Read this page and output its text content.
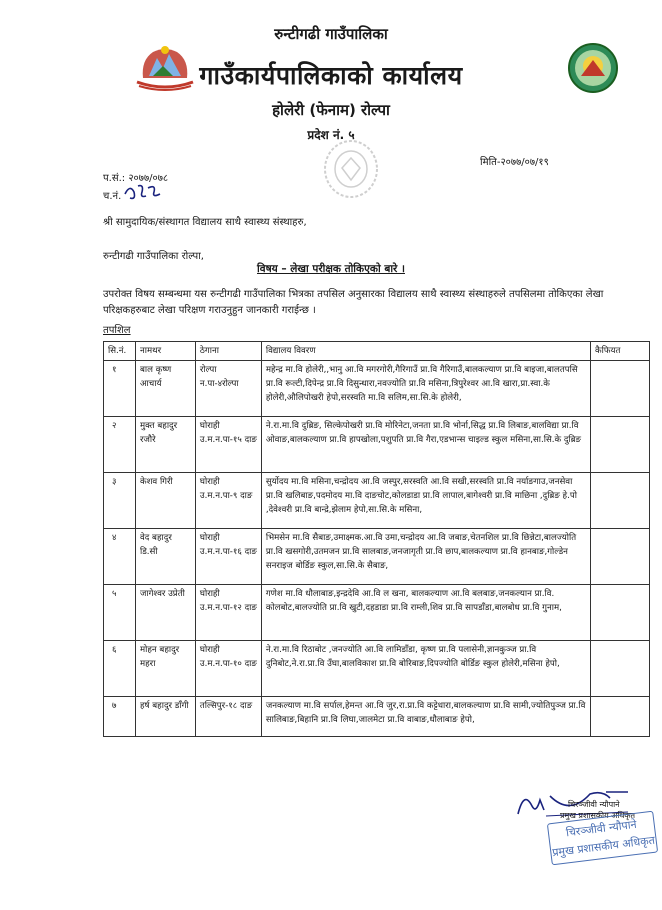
रुन्टीगढी गाउँपालिका
गाउँकार्यपालिकाको कार्यालय
होलेरी (फेनाम) रोल्पा
प्रदेश नं. ५
प.सं.: २०७७/०७८
च.नं.
मिति-२०७७/०७/१९
श्री सामुदायिक/संस्थागत विद्यालय साथै स्वास्थ्य संस्थाहरु,
रुन्टीगढी गाउँपालिका रोल्पा,
विषय – लेखा परीक्षक तोकिएको बारे ।
उपरोक्त विषय सम्बन्धमा यस रुन्टीगढी गाउँपालिका भित्रका तपसिल अनुसारका विद्यालय साथै स्वास्थ्य संस्थाहरुले तपसिलमा तोकिएका लेखा परिक्षकहरुबाट लेखा परिक्षण गराउनुहुन जानकारी गराईन्छ ।
तपशिल
सि.नं.	नामथर	ठेगाना	विद्यालय विवरण	कैफियत
१	बाल कृष्ण आचार्य	रोल्पा न.पा-४रोल्पा	महेन्द्र मा.वि होलेरी,,भानु आ.वि मगरगोरी,गैरिगाउँ प्रा.वि गैरिगाउँ,बालकल्याण प्रा.वि बाइजा,बालतपसि प्रा.वि रूल्टी,दिपेन्द्र प्रा.वि दिसुन्धारा,नवज्योति प्रा.वि मसिना,त्रिपुरेश्वर आ.वि खारा,प्रा.स्वा.के होलेरी,औलिपोखरी हेपो,सरस्वति मा.वि सलिम,सा.सि.के होलेरी,	
२	मुक्त बहादुर रजौरे	घोराही उ.म.न.पा-१५ दाङ	ने.रा.मा.वि दुब्रिङ, सिल्केपोखरी प्रा.वि मोरिनेटा,जनता प्रा.वि भोर्ना,सिद्ध प्रा.वि लिबाङ,बालविद्या प्रा.वि ओवाङ,बालकल्याण प्रा.वि हापखोला,पशुपति प्रा.वि गैरा,एडभान्स चाइल्ड स्कुल मसिना,सा.सि.के दुब्रिङ	
३	केशव गिरी	घोराही उ.म.न.पा-९ दाङ	सुर्योदय मा.वि मसिना,चन्द्रोदय आ.वि जस्पुर,सरस्वति आ.वि सखी,सरस्वति प्रा.वि नर्याङगाउ,जनसेवा प्रा.वि खलिबाङ,पदमोदय मा.वि दाङचोट,कोलडाडा प्रा.वि लापाल,बागेश्वरी प्रा.वि माछिना ,दुब्रिङ हे.पो ,देवेश्वरी प्रा.वि बान्द्रे,झेलाम हेपो,सा.सि.के मसिना,	
४	वेद बहादुर डि.सी	घोराही उ.म.न.पा-१६ दाङ	भिमसेन मा.वि सैबाङ,उमाक्ष्मक.आ.वि उमा,चन्द्रोदय आ.वि जबाङ,चेतनशिल प्रा.वि छिन्नेटा,बालज्योति प्रा.वि खसगोरी,उतमजन प्रा.वि सालबाङ,जनजागृती प्रा.वि छाप,बालकल्याण प्रा.वि हानबाङ,गोल्डेन सनराइज बोर्डिङ स्कुल,सा.सि.के सैबाङ,	
५	जागेश्वर उप्रेती	घोराही उ.म.न.पा-१२ दाङ	गणेश मा.वि धौलाबाङ,इन्द्रदेवि आ.वि ल खना, बालकल्याण आ.वि बलबाङ,जनकल्यान प्रा.वि. कोलबोट,बालज्योति प्रा.वि खुटी,दहडाडा प्रा.वि राम्ली,शिव प्रा.वि सापडाँडा,बालबोध प्रा.वि गुनाम,	
६	मोहन बहादुर महरा	घोराही उ.म.न.पा-१० दाङ	ने.रा.मा.वि रिठाबोट ,जनज्योति आ.वि लामिडाँडा, कृष्ण प्रा.वि पलासेनी,ज्ञानकुञ्ज प्रा.वि दुनिबोट,ने.रा.प्रा.वि उँघा,बालविकाश प्रा.वि बोरिबाङ,दिपज्योति बोर्डिङ स्कुल होलेरी,मसिना हेपो,	
७	हर्ष बहादुर डाँगी	तल्सिपुर-१८ दाङ	जनकल्याण मा.वि सर्पाल,हेमन्त आ.वि जुर,रा.प्रा.वि कट्टेधारा,बालकल्याण प्रा.वि सामी,ज्योतिपुञ्ज प्रा.वि सालिबाङ,बिहानि प्रा.वि लिघा,जालमेटा प्रा.वि वाबाङ,धौलाबाङ हेपो,	
चिरञ्जीवी न्यौपाने
प्रमुख प्रशासकीय अधिकृत
चिरञ्जीवी न्यौपाने
प्रमुख प्रशासकीय अधिकृत
